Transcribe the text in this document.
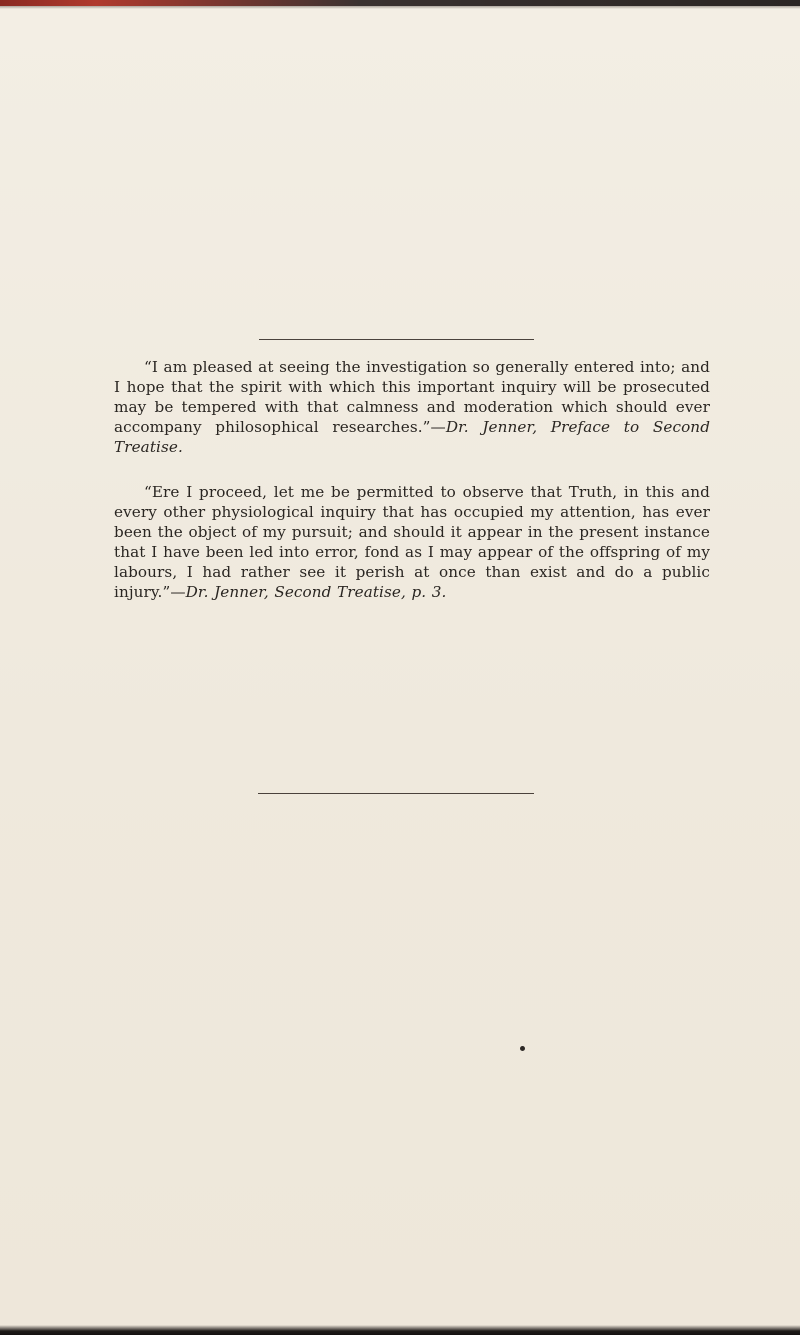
“I am pleased at seeing the investigation so generally entered into; and I hope that the spirit with which this important inquiry will be prosecuted may be tempered with that calmness and moderation which should ever accompany philosophical researches.”—Dr. Jenner, Preface to Second Treatise.

“Ere I proceed, let me be permitted to observe that Truth, in this and every other physiological inquiry that has occupied my attention, has ever been the object of my pursuit; and should it appear in the present instance that I have been led into error, fond as I may appear of the offspring of my labours, I had rather see it perish at once than exist and do a public injury.”—Dr. Jenner, Second Treatise, p. 3.
